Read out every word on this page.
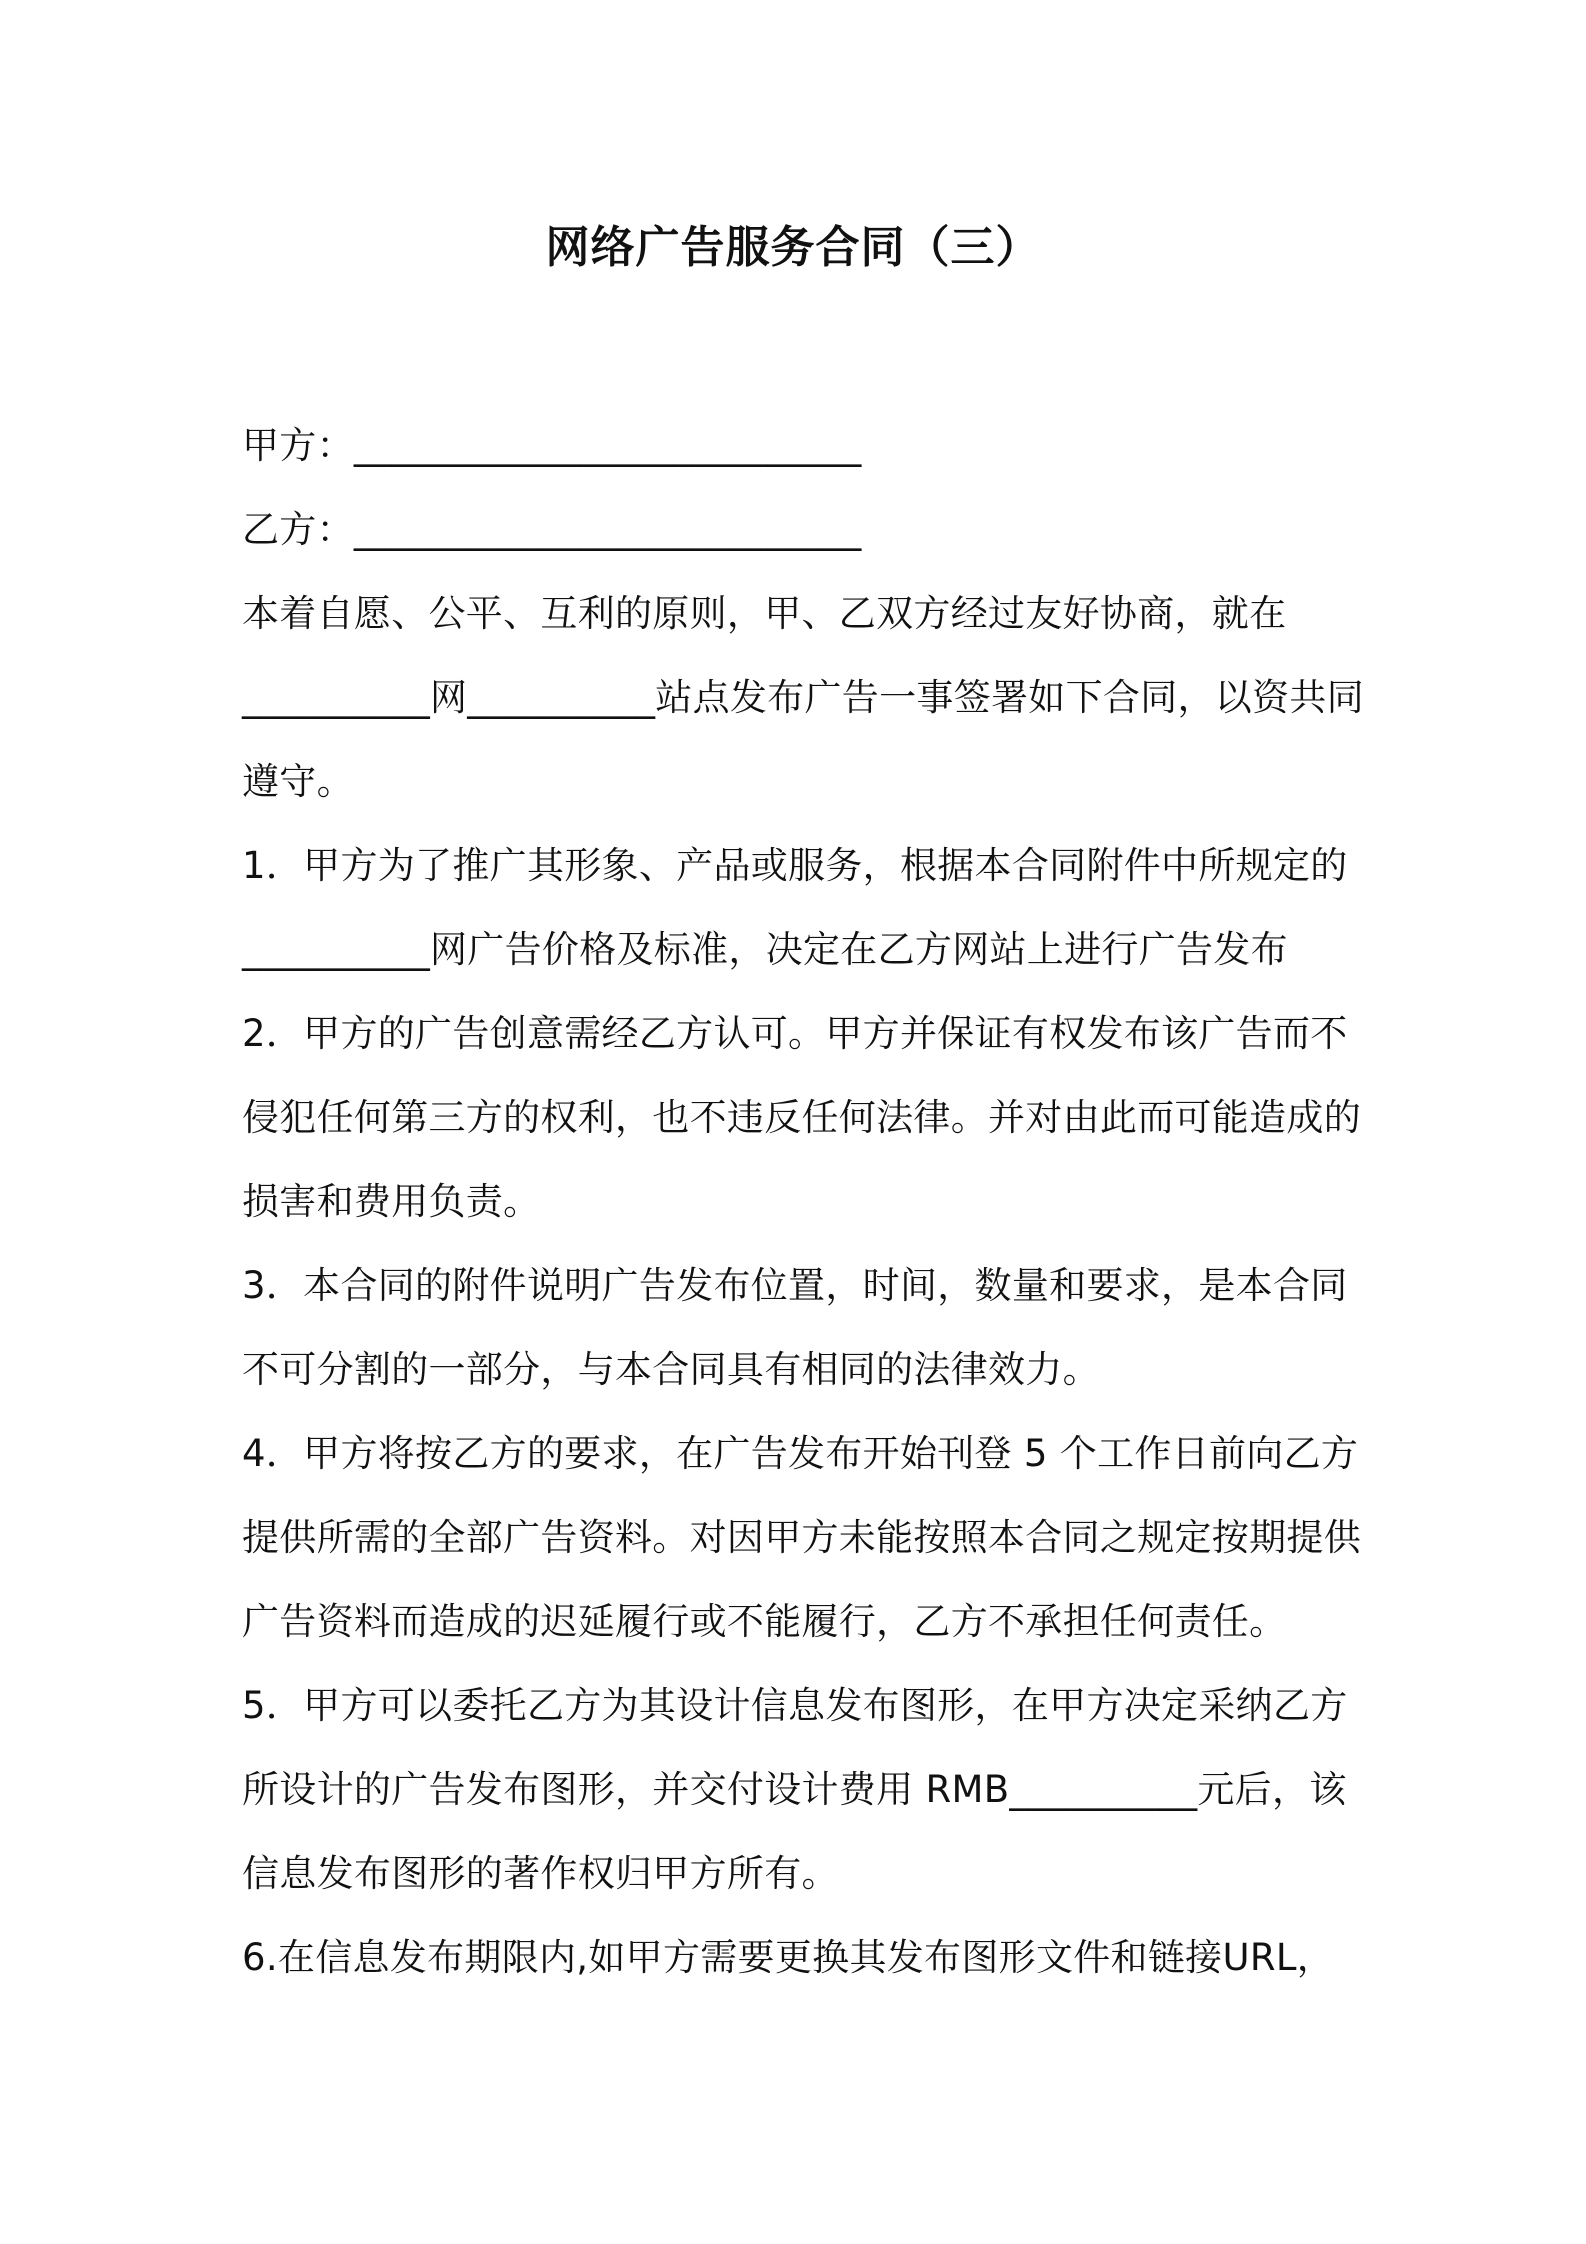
网络广告服务合同（三）
甲方：___________________________
乙方：___________________________
本着自愿、公平、互利的原则，甲、乙双方经过友好协商，就在
__________网__________站点发布广告一事签署如下合同，以资共同
遵守。
1．甲方为了推广其形象、产品或服务，根据本合同附件中所规定的
__________网广告价格及标准，决定在乙方网站上进行广告发布
2．甲方的广告创意需经乙方认可。甲方并保证有权发布该广告而不
侵犯任何第三方的权利，也不违反任何法律。并对由此而可能造成的
损害和费用负责。
3．本合同的附件说明广告发布位置，时间，数量和要求，是本合同
不可分割的一部分，与本合同具有相同的法律效力。
4．甲方将按乙方的要求，在广告发布开始刊登 5 个工作日前向乙方
提供所需的全部广告资料。对因甲方未能按照本合同之规定按期提供
广告资料而造成的迟延履行或不能履行，乙方不承担任何责任。
5．甲方可以委托乙方为其设计信息发布图形，在甲方决定采纳乙方
所设计的广告发布图形，并交付设计费用 RMB__________元后，该
信息发布图形的著作权归甲方所有。
6.在信息发布期限内,如甲方需要更换其发布图形文件和链接URL，
